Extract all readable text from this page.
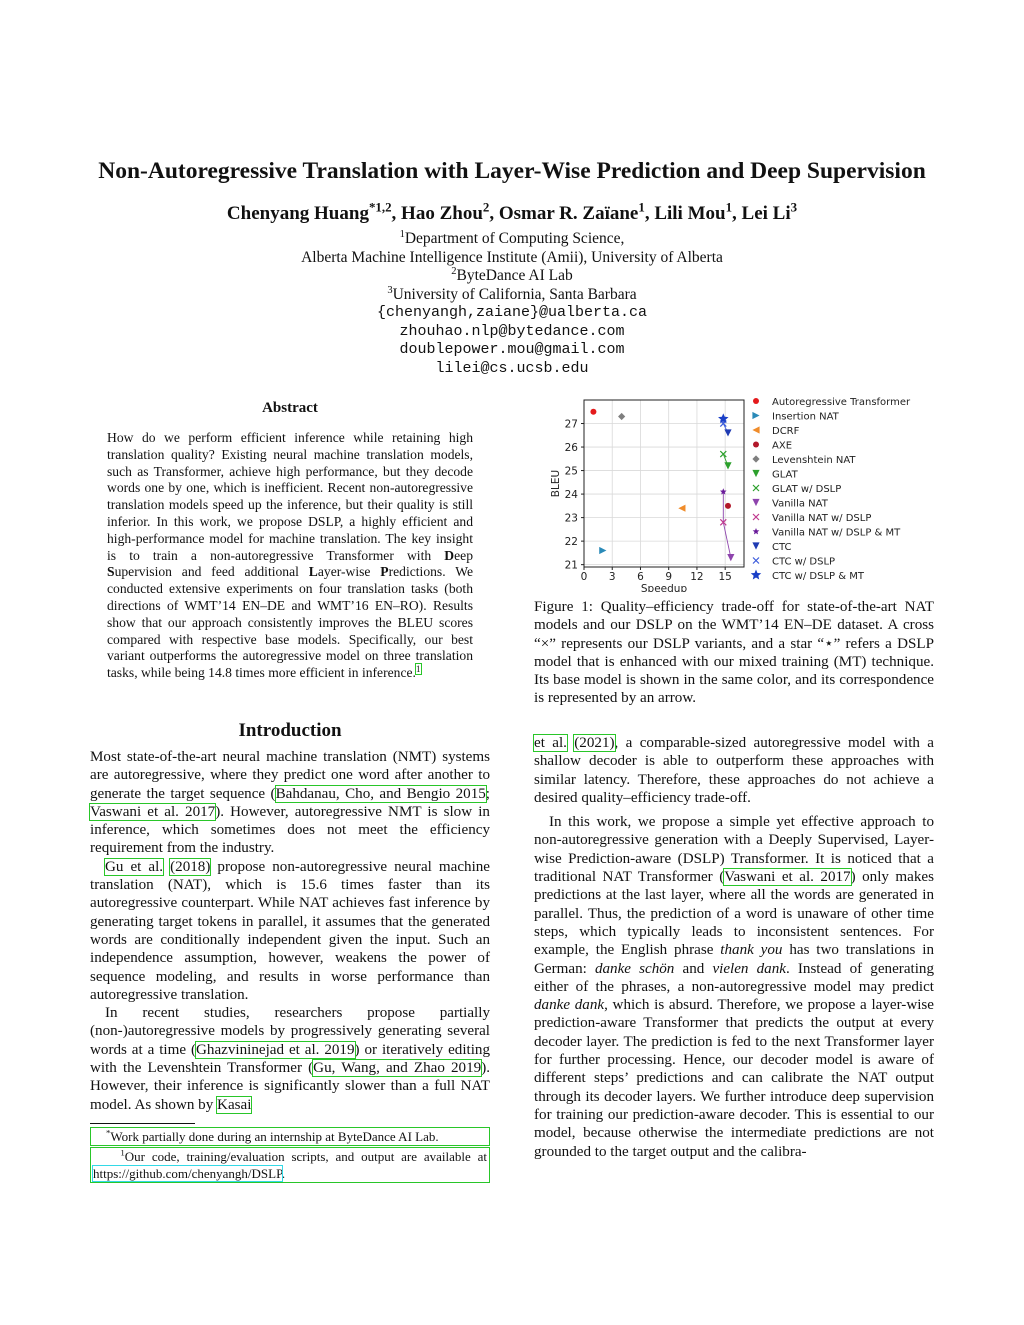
Non-Autoregressive Translation with Layer-Wise Prediction and Deep Supervision
Chenyang Huang$^{*1,2}$, Hao Zhou$^2$, Osmar R. Zaïane$^1$, Lili Mou$^1$, Lei Li$^3$
$^1$Department of Computing Science,
Alberta Machine Intelligence Institute (Amii), University of Alberta
$^2$ByteDance AI Lab
$^3$University of California, Santa Barbara
{chenyangh,zaiane}@ualberta.ca
zhouhao.nlp@bytedance.com
doublepower.mou@gmail.com
lilei@cs.ucsb.edu
Abstract
How do we perform efficient inference while retaining high translation quality? Existing neural machine translation models, such as Transformer, achieve high performance, but they decode words one by one, which is inefficient. Recent non-autoregressive translation models speed up the inference, but their quality is still inferior. In this work, we propose DSLP, a highly efficient and high-performance model for machine translation. The key insight is to train a non-autoregressive Transformer with Deep Supervision and feed additional Layer-wise Predictions. We conducted extensive experiments on four translation tasks (both directions of WMT’14 EN–DE and WMT’16 EN–RO). Results show that our approach consistently improves the BLEU scores compared with respective base models. Specifically, our best variant outperforms the autoregressive model on three translation tasks, while being 14.8 times more efficient in inference.$^1$
Introduction

Most state-of-the-art neural machine translation (NMT) systems are autoregressive, where they predict one word after another to generate the target sequence (Bahdanau, Cho, and Bengio 2015; Vaswani et al. 2017). However, autoregressive NMT is slow in inference, which sometimes does not meet the efficiency requirement from the industry.

Gu et al. (2018) propose non-autoregressive neural machine translation (NAT), which is 15.6 times faster than its autoregressive counterpart. While NAT achieves fast inference by generating target tokens in parallel, it assumes that the generated words are conditionally independent given the input. Such an independence assumption, however, weakens the power of sequence modeling, and results in worse performance than autoregressive translation.

In recent studies, researchers propose partially (non-)autoregressive models by progressively generating several words at a time (Ghazvininejad et al. 2019) or iteratively editing with the Levenshtein Transformer (Gu, Wang, and Zhao 2019). However, their inference is significantly slower than a full NAT model. As shown by Kasai

*Work partially done during an internship at ByteDance AI Lab.
$^1$Our code, training/evaluation scripts, and output are available at https://github.com/chenyangh/DSLP.
0 3 6 9 12 15
21
22
23
24
25
26
27
Speedup
BLEU
Autoregressive Transformer
Insertion NAT
DCRF
AXE
Levenshtein NAT
GLAT
GLAT w/ DSLP
Vanilla NAT
Vanilla NAT w/ DSLP
Vanilla NAT w/ DSLP & MT
CTC
CTC w/ DSLP
CTC w/ DSLP & MT
Figure 1: Quality–efficiency trade-off for state-of-the-art NAT models and our DSLP on the WMT’14 EN–DE dataset. A cross “×” represents our DSLP variants, and a star “⋆” refers a DSLP model that is enhanced with our mixed training (MT) technique. Its base model is shown in the same color, and its correspondence is represented by an arrow.

et al. (2021), a comparable-sized autoregressive model with a shallow decoder is able to outperform these approaches with similar latency. Therefore, these approaches do not achieve a desired quality–efficiency trade-off.

In this work, we propose a simple yet effective approach to non-autoregressive generation with a Deeply Supervised, Layer-wise Prediction-aware (DSLP) Transformer. It is noticed that a traditional NAT Transformer (Vaswani et al. 2017) only makes predictions at the last layer, where all the words are generated in parallel. Thus, the prediction of a word is unaware of other time steps, which typically leads to inconsistent sentences. For example, the English phrase thank you has two translations in German: danke schön and vielen dank. Instead of generating either of the phrases, a non-autoregressive model may predict danke dank, which is absurd. Therefore, we propose a layer-wise prediction-aware Transformer that predicts the output at every decoder layer. The prediction is fed to the next Transformer layer for further processing. Hence, our decoder model is aware of different steps’ predictions and can calibrate the NAT output through its decoder layers. We further introduce deep supervision for training our prediction-aware decoder. This is essential to our model, because otherwise the intermediate predictions are not grounded to the target output and the calibra-
